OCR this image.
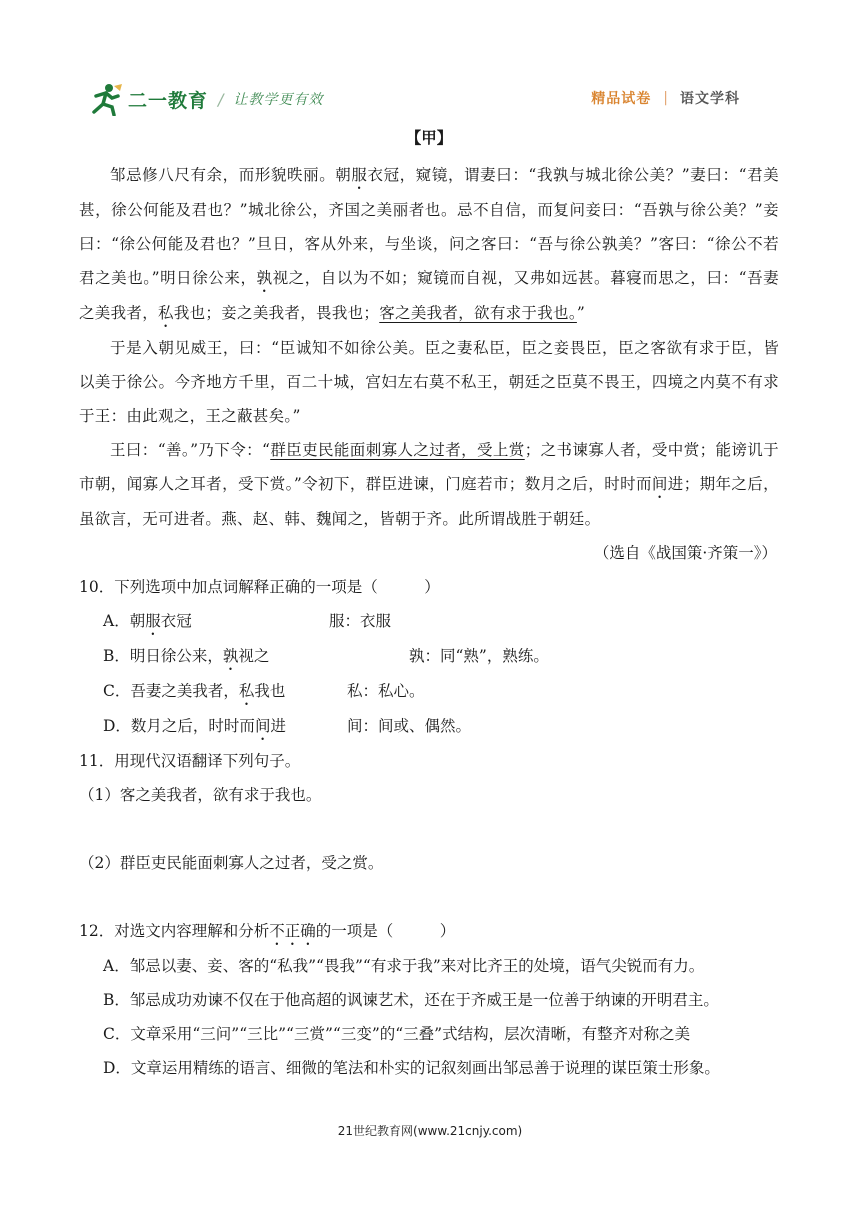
二一教育 / 让教学更有效	精品试卷 | 语文学科

【甲】

邹忌修八尺有余，而形貌昳丽。朝服衣冠，窥镜，谓妻曰：“我孰与城北徐公美？”妻曰：“君美甚，徐公何能及君也？”城北徐公，齐国之美丽者也。忌不自信，而复问妾曰：“吾孰与徐公美？”妾曰：“徐公何能及君也？”旦日，客从外来，与坐谈，问之客曰：“吾与徐公孰美？”客曰：“徐公不若君之美也。”明日徐公来，孰视之，自以为不如；窥镜而自视，又弗如远甚。暮寝而思之，曰：“吾妻之美我者，私我也；妾之美我者，畏我也；客之美我者，欲有求于我也。”

于是入朝见威王，曰：“臣诚知不如徐公美。臣之妻私臣，臣之妾畏臣，臣之客欲有求于臣，皆以美于徐公。今齐地方千里，百二十城，宫妇左右莫不私王，朝廷之臣莫不畏王，四境之内莫不有求于王：由此观之，王之蔽甚矣。”

王曰：“善。”乃下令：“群臣吏民能面刺寡人之过者，受上赏；之书谏寡人者，受中赏；能谤讥于市朝，闻寡人之耳者，受下赏。”令初下，群臣进谏，门庭若市；数月之后，时时而间进；期年之后，虽欲言，无可进者。燕、赵、韩、魏闻之，皆朝于齐。此所谓战胜于朝廷。

（选自《战国策·齐策一》）

10．下列选项中加点词解释正确的一项是（　　　）

A．朝服衣冠	服：衣服

B．明日徐公来，孰视之	孰：同“熟”，熟练。

C．吾妻之美我者，私我也	私：私心。

D．数月之后，时时而间进	间：间或、偶然。

11．用现代汉语翻译下列句子。

（1）客之美我者，欲有求于我也。

（2）群臣吏民能面刺寡人之过者，受之赏。

12．对选文内容理解和分析不正确的一项是（　　　）

A．邹忌以妻、妾、客的“私我”“畏我”“有求于我”来对比齐王的处境，语气尖锐而有力。

B．邹忌成功劝谏不仅在于他高超的讽谏艺术，还在于齐威王是一位善于纳谏的开明君主。

C．文章采用“三问”“三比”“三赏”“三变”的“三叠”式结构，层次清晰，有整齐对称之美

D．文章运用精练的语言、细微的笔法和朴实的记叙刻画出邹忌善于说理的谋臣策士形象。

21世纪教育网(www.21cnjy.com)
